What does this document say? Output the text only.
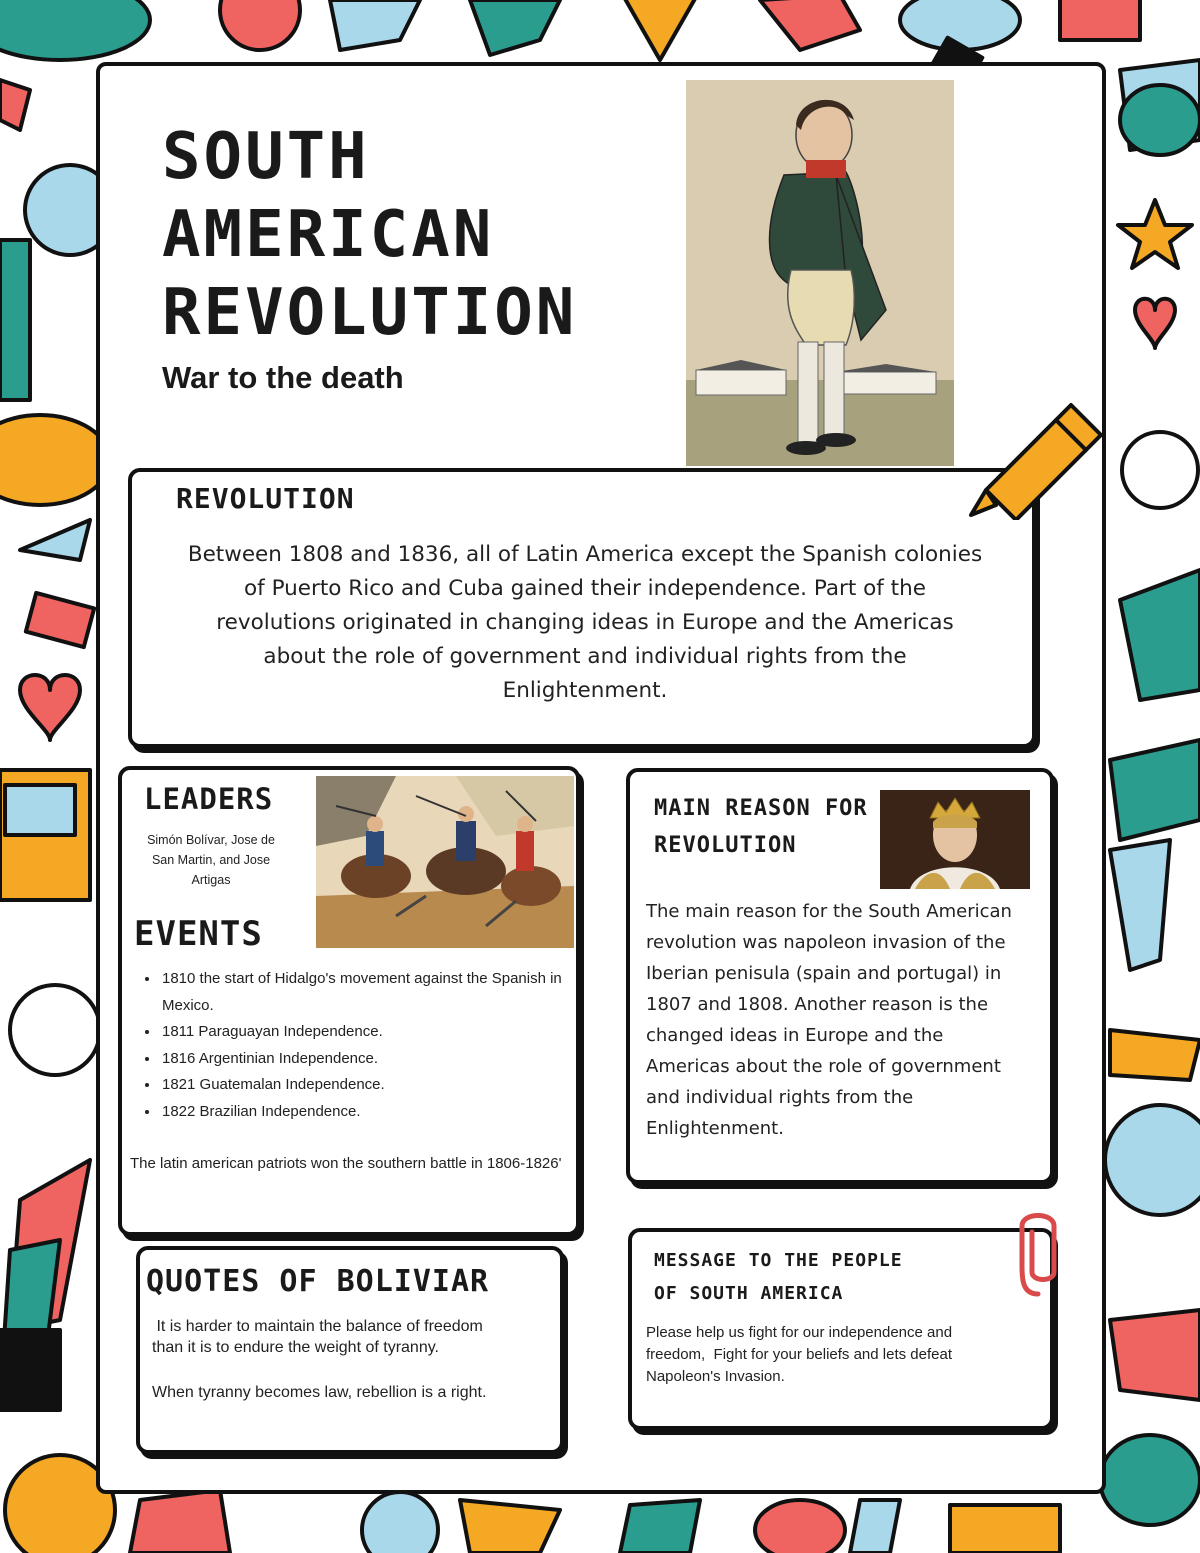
SOUTH
AMERICAN
REVOLUTION
War to the death
REVOLUTION
Between 1808 and 1836, all of Latin America except the Spanish colonies
of Puerto Rico and Cuba gained their independence. Part of the
revolutions originated in changing ideas in Europe and the Americas
about the role of government and individual rights from the
Enlightenment.
LEADERS
Simón Bolívar, Jose de
San Martin, and Jose
Artigas
EVENTS
• 1810 the start of Hidalgo's movement against the Spanish in Mexico.
• 1811 Paraguayan Independence.
• 1816 Argentinian Independence.
• 1821 Guatemalan Independence.
• 1822 Brazilian Independence.
The latin american patriots won the southern battle in 1806-1826'
MAIN REASON FOR
REVOLUTION
The main reason for the South American
revolution was napoleon invasion of the
Iberian penisula (spain and portugal) in
1807 and 1808. Another reason is the
changed ideas in Europe and the
Americas about the role of government
and individual rights from the
Enlightenment.
QUOTES OF BOLIVIAR
It is harder to maintain the balance of freedom
than it is to endure the weight of tyranny.
When tyranny becomes law, rebellion is a right.
MESSAGE TO THE PEOPLE
OF SOUTH AMERICA
Please help us fight for our independence and
freedom,  Fight for your beliefs and lets defeat
Napoleon's Invasion.
